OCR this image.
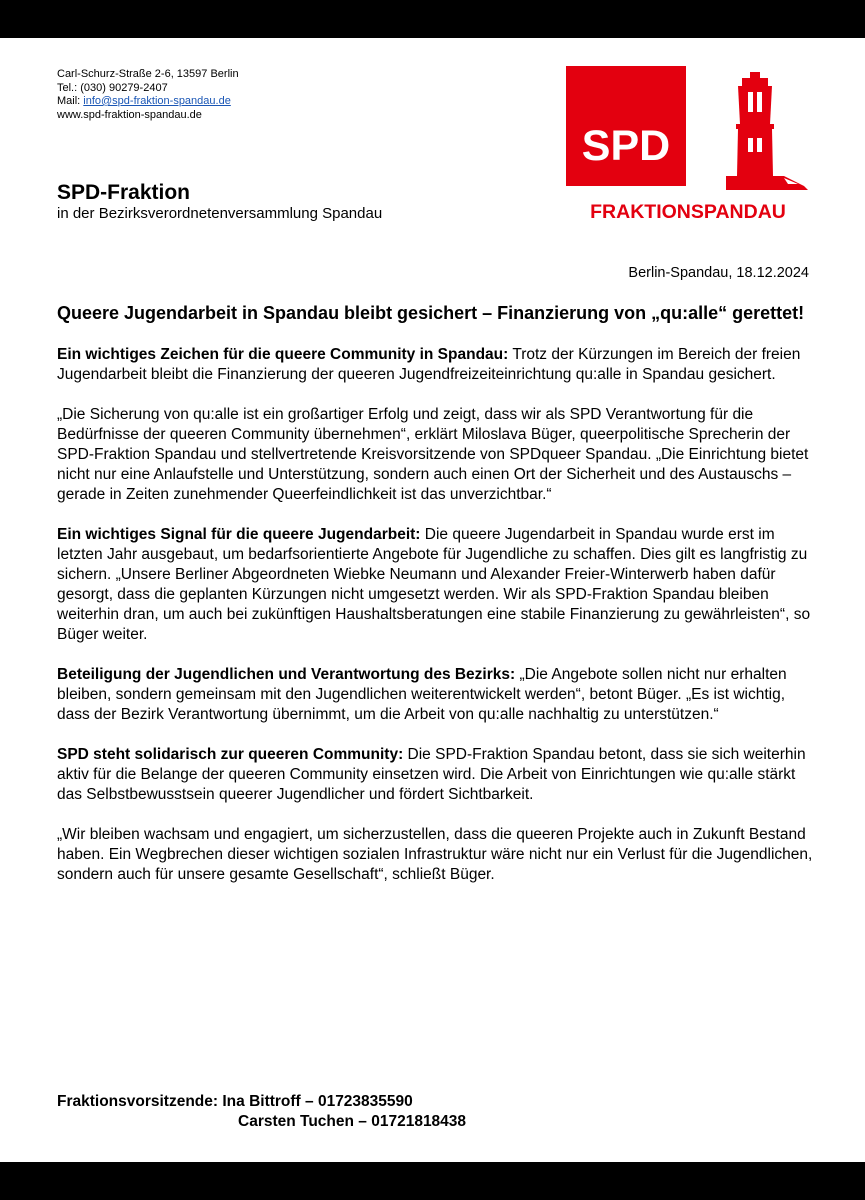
Carl-Schurz-Straße 2-6, 13597 Berlin
Tel.: (030) 90279-2407
Mail: info@spd-fraktion-spandau.de
www.spd-fraktion-spandau.de
SPD
FRAKTIONSPANDAU
SPD-Fraktion
in der Bezirksverordnetenversammlung Spandau
Berlin-Spandau, 18.12.2024
Queere Jugendarbeit in Spandau bleibt gesichert – Finanzierung von „qu:alle“ gerettet!

Ein wichtiges Zeichen für die queere Community in Spandau: Trotz der Kürzungen im Bereich der freien Jugendarbeit bleibt die Finanzierung der queeren Jugendfreizeiteinrichtung qu:alle in Spandau gesichert.

„Die Sicherung von qu:alle ist ein großartiger Erfolg und zeigt, dass wir als SPD Verantwortung für die Bedürfnisse der queeren Community übernehmen“, erklärt Miloslava Büger, queerpolitische Sprecherin der SPD-Fraktion Spandau und stellvertretende Kreisvorsitzende von SPDqueer Spandau. „Die Einrichtung bietet nicht nur eine Anlaufstelle und Unterstützung, sondern auch einen Ort der Sicherheit und des Austauschs – gerade in Zeiten zunehmender Queerfeindlichkeit ist das unverzichtbar.“

Ein wichtiges Signal für die queere Jugendarbeit: Die queere Jugendarbeit in Spandau wurde erst im letzten Jahr ausgebaut, um bedarfsorientierte Angebote für Jugendliche zu schaffen. Dies gilt es langfristig zu sichern. „Unsere Berliner Abgeordneten Wiebke Neumann und Alexander Freier-Winterwerb haben dafür gesorgt, dass die geplanten Kürzungen nicht umgesetzt werden. Wir als SPD-Fraktion Spandau bleiben weiterhin dran, um auch bei zukünftigen Haushaltsberatungen eine stabile Finanzierung zu gewährleisten“, so Büger weiter.

Beteiligung der Jugendlichen und Verantwortung des Bezirks: „Die Angebote sollen nicht nur erhalten bleiben, sondern gemeinsam mit den Jugendlichen weiterentwickelt werden“, betont Büger. „Es ist wichtig, dass der Bezirk Verantwortung übernimmt, um die Arbeit von qu:alle nachhaltig zu unterstützen.“

SPD steht solidarisch zur queeren Community: Die SPD-Fraktion Spandau betont, dass sie sich weiterhin aktiv für die Belange der queeren Community einsetzen wird. Die Arbeit von Einrichtungen wie qu:alle stärkt das Selbstbewusstsein queerer Jugendlicher und fördert Sichtbarkeit.

„Wir bleiben wachsam und engagiert, um sicherzustellen, dass die queeren Projekte auch in Zukunft Bestand haben. Ein Wegbrechen dieser wichtigen sozialen Infrastruktur wäre nicht nur ein Verlust für die Jugendlichen, sondern auch für unsere gesamte Gesellschaft“, schließt Büger.

Fraktionsvorsitzende: Ina Bittroff – 01723835590
Carsten Tuchen – 01721818438
